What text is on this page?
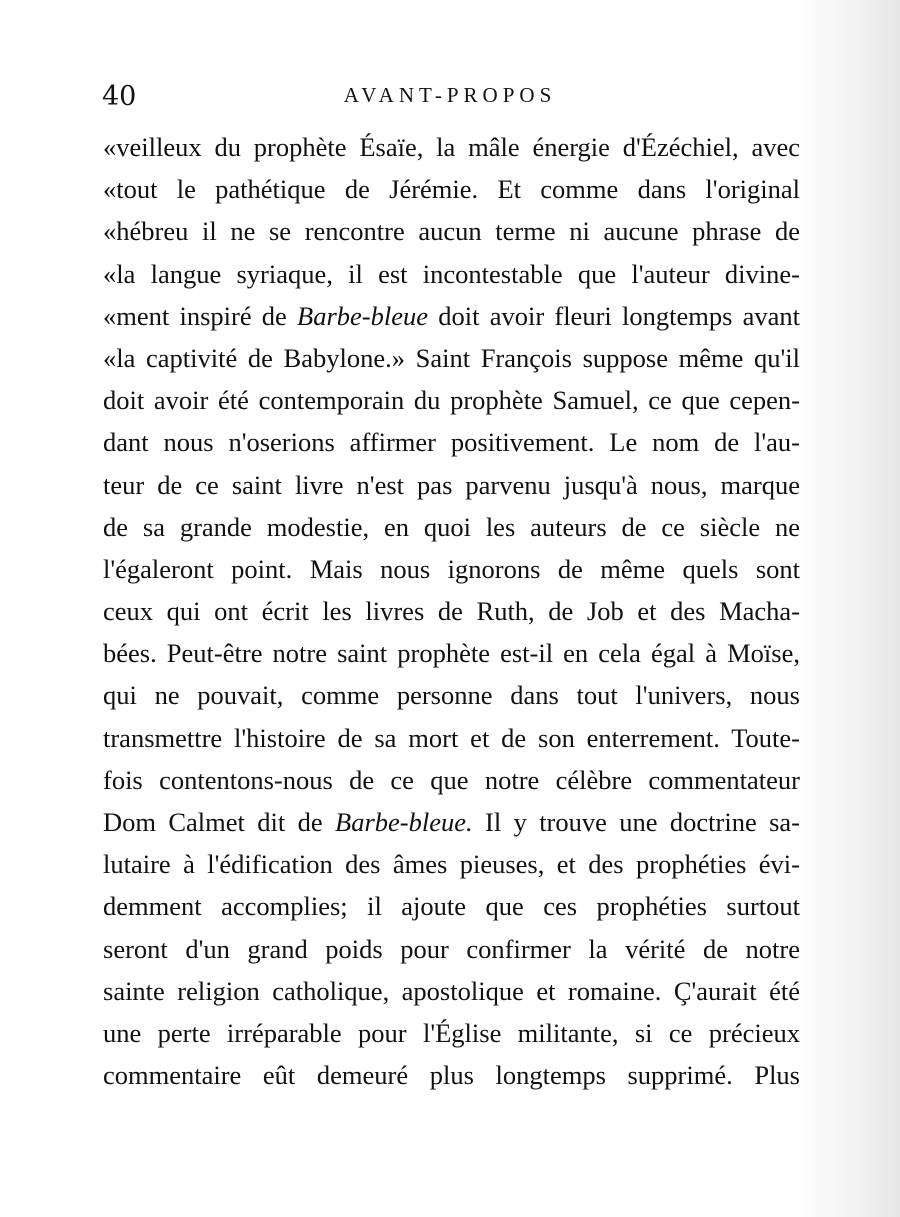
40	AVANT-PROPOS
«veilleux du prophète Ésaïe, la mâle énergie d'Ézéchiel, avec
«tout le pathétique de Jérémie. Et comme dans l'original
«hébreu il ne se rencontre aucun terme ni aucune phrase de
«la langue syriaque, il est incontestable que l'auteur divine-
«ment inspiré de Barbe-bleue doit avoir fleuri longtemps avant
«la captivité de Babylone.» Saint François suppose même qu'il
doit avoir été contemporain du prophète Samuel, ce que cepen-
dant nous n'oserions affirmer positivement. Le nom de l'au-
teur de ce saint livre n'est pas parvenu jusqu'à nous, marque
de sa grande modestie, en quoi les auteurs de ce siècle ne
l'égaleront point. Mais nous ignorons de même quels sont
ceux qui ont écrit les livres de Ruth, de Job et des Macha-
bées. Peut-être notre saint prophète est-il en cela égal à Moïse,
qui ne pouvait, comme personne dans tout l'univers, nous
transmettre l'histoire de sa mort et de son enterrement. Toute-
fois contentons-nous de ce que notre célèbre commentateur
Dom Calmet dit de Barbe-bleue. Il y trouve une doctrine sa-
lutaire à l'édification des âmes pieuses, et des prophéties évi-
demment accomplies; il ajoute que ces prophéties surtout
seront d'un grand poids pour confirmer la vérité de notre
sainte religion catholique, apostolique et romaine. Ç'aurait été
une perte irréparable pour l'Église militante, si ce précieux
commentaire eût demeuré plus longtemps supprimé. Plus
